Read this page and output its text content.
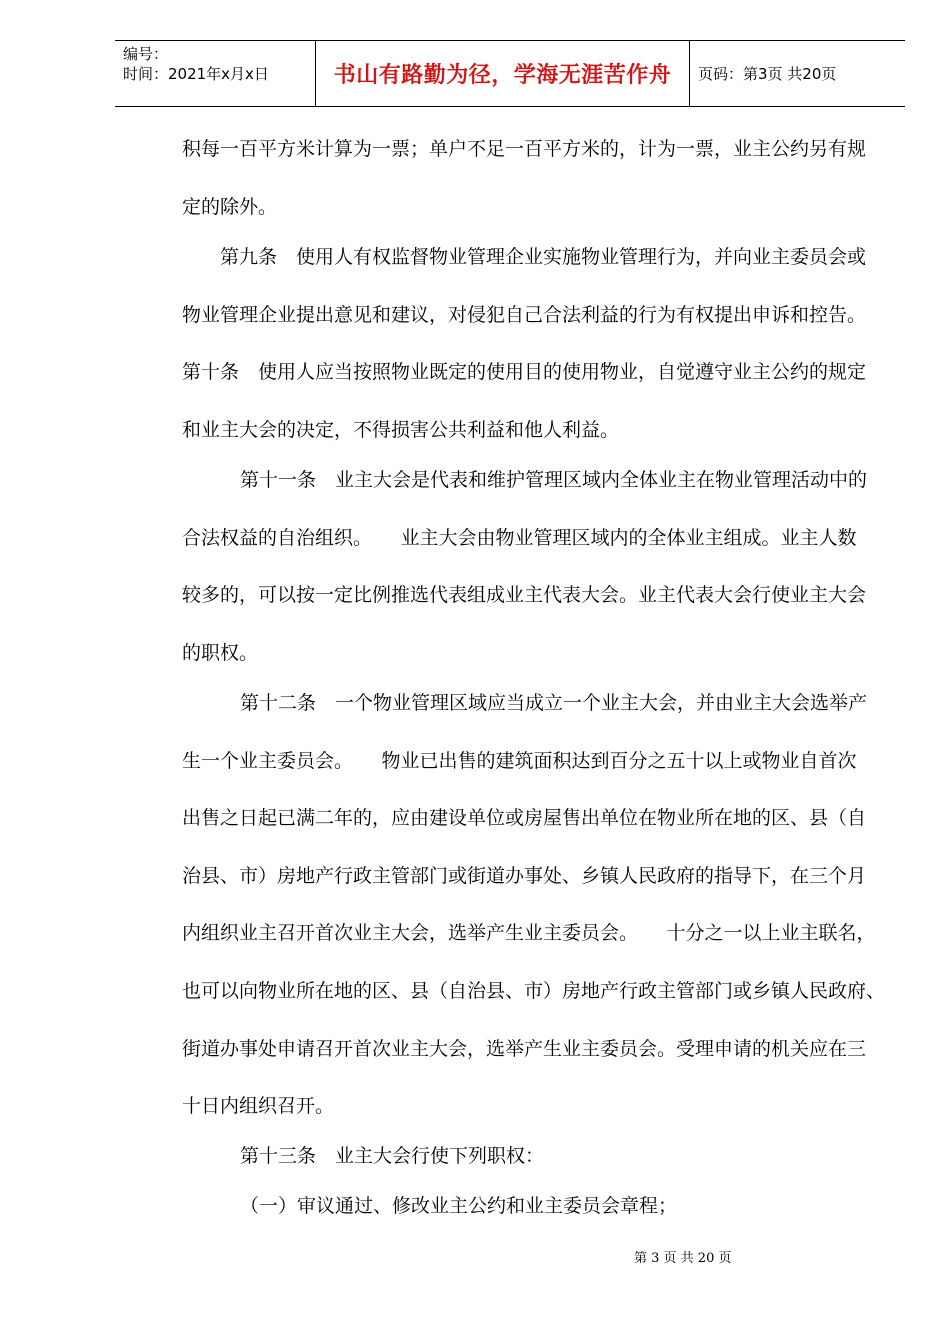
编号：
时间：2021年x月x日	书山有路勤为径，学海无涯苦作舟 页码：第3页 共20页
积每一百平方米计算为一票；单户不足一百平方米的，计为一票，业主公约另有规
定的除外。
第九条　使用人有权监督物业管理企业实施物业管理行为，并向业主委员会或
物业管理企业提出意见和建议，对侵犯自己合法利益的行为有权提出申诉和控告。
第十条　使用人应当按照物业既定的使用目的使用物业，自觉遵守业主公约的规定
和业主大会的决定，不得损害公共利益和他人利益。
第十一条　业主大会是代表和维护管理区域内全体业主在物业管理活动中的
合法权益的自治组织。　　业主大会由物业管理区域内的全体业主组成。业主人数
较多的，可以按一定比例推选代表组成业主代表大会。业主代表大会行使业主大会
的职权。
第十二条　一个物业管理区域应当成立一个业主大会，并由业主大会选举产
生一个业主委员会。　　物业已出售的建筑面积达到百分之五十以上或物业自首次
出售之日起已满二年的，应由建设单位或房屋售出单位在物业所在地的区、县（自
治县、市）房地产行政主管部门或街道办事处、乡镇人民政府的指导下，在三个月
内组织业主召开首次业主大会，选举产生业主委员会。　　十分之一以上业主联名，
也可以向物业所在地的区、县（自治县、市）房地产行政主管部门或乡镇人民政府、
街道办事处申请召开首次业主大会，选举产生业主委员会。受理申请的机关应在三
十日内组织召开。
第十三条　业主大会行使下列职权：
（一）审议通过、修改业主公约和业主委员会章程；
第 3 页 共 20 页
